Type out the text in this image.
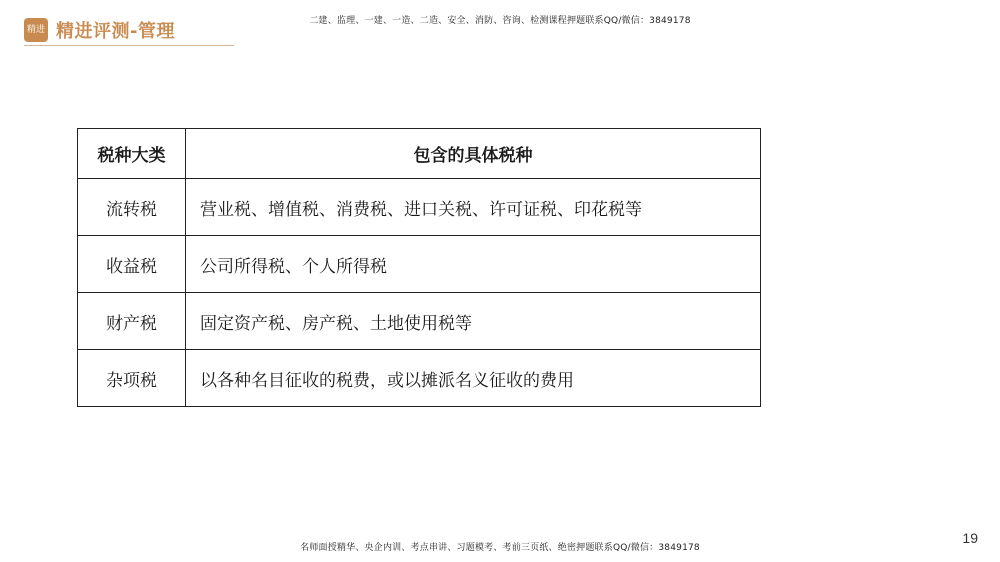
精进 精进评测-管理	二建、监理、一建、一造、二造、安全、消防、咨询、检测课程押题联系QQ/微信：3849178
税种大类	包含的具体税种
流转税	营业税、增值税、消费税、进口关税、许可证税、印花税等
收益税	公司所得税、个人所得税
财产税	固定资产税、房产税、土地使用税等
杂项税	以各种名目征收的税费，或以摊派名义征收的费用
名师面授精华、央企内训、考点串讲、习题模考、考前三页纸、绝密押题联系QQ/微信：3849178
19
